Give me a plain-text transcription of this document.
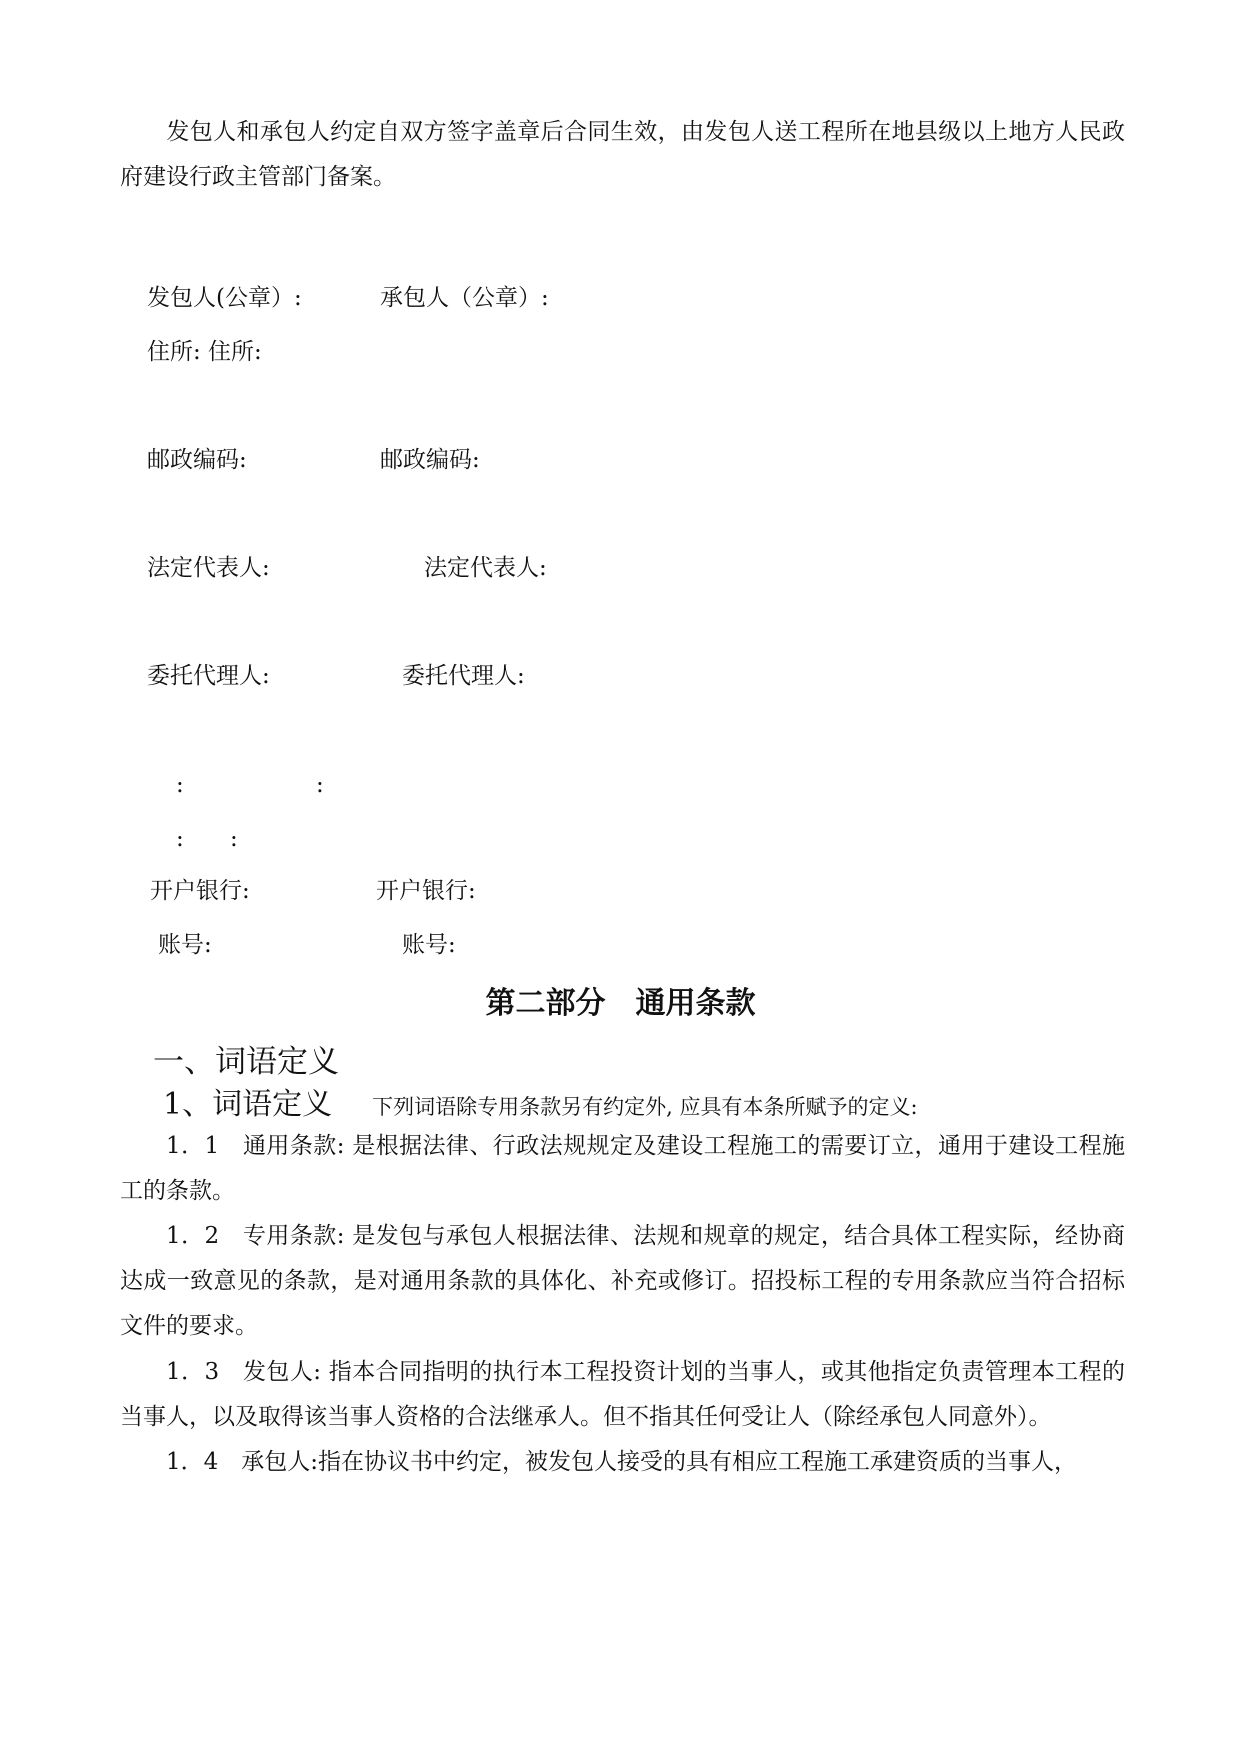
发包人和承包人约定自双方签字盖章后合同生效，由发包人送工程所在地县级以上地方人民政府建设行政主管部门备案。
发包人(公章）:	承包人（公章）:
住所: 住所:
邮政编码:	邮政编码:
法定代表人:	法定代表人:
委托代理人:	委托代理人:
:	:
: :
开户银行:	开户银行:
账号:	账号:
第二部分　通用条款
一、词语定义
1、词语定义 下列词语除专用条款另有约定外, 应具有本条所赋予的定义:
1．1　通用条款: 是根据法律、行政法规规定及建设工程施工的需要订立，通用于建设工程施工的条款。
1．2　专用条款: 是发包与承包人根据法律、法规和规章的规定，结合具体工程实际，经协商达成一致意见的条款，是对通用条款的具体化、补充或修订。招投标工程的专用条款应当符合招标文件的要求。
1．3　发包人: 指本合同指明的执行本工程投资计划的当事人，或其他指定负责管理本工程的当事人，以及取得该当事人资格的合法继承人。但不指其任何受让人（除经承包人同意外）。
1．4　承包人:指在协议书中约定，被发包人接受的具有相应工程施工承建资质的当事人，
